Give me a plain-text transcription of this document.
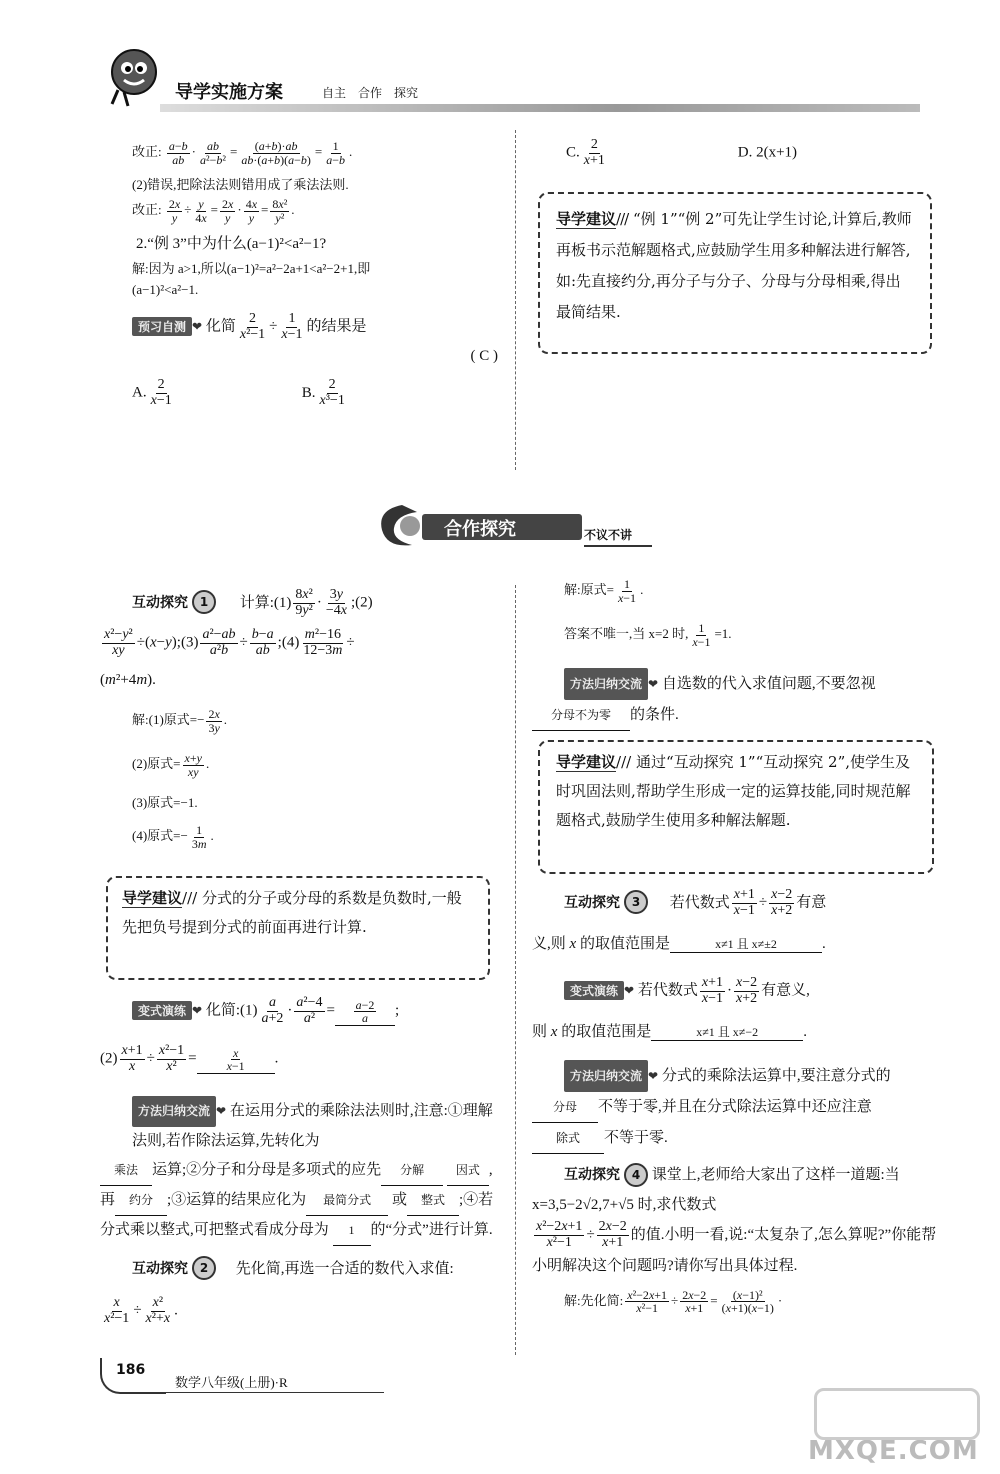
导学实施方案	自主　合作　探究
改正: $\frac{a-b}{ab} \cdot \frac{ab}{\text{a²−b²}} = \frac{(a+b)\cdot ab}{ab\cdot(a+b)(a-b)} = \frac{1}{a-b}$ .
(2)错误,把除法法则错用成了乘法法则.
改正: $\frac{2x}{y} \div \frac{y}{4x} = \frac{2x}{y} \cdot \frac{4x}{y} = \frac{\text{8x²}}{\text{y²}}$ .
2.“例 3”中为什么(a−1)²<a²−1?
解:因为 a>1,所以(a−1)²=a²−2a+1<a²−2+1,即
(a−1)²<a²−1.
预习自测 ❤ 化简 $\frac{2}{\text{x²−1}} \div \frac{1}{x-1}$ 的结果是
( C )
A. $\frac{2}{x-1}$	B. $\frac{2}{\text{x³−1}}$
C. $\frac{2}{x+1}$	D. 2(x+1)
导学建议/// “例 1”“例 2”可先让学生讨论,计算后,教师再板书示范解题格式,应鼓励学生用多种解法进行解答,如:先直接约分,再分子与分子、分母与分母相乘,得出最简结果.
合作探究	不议不讲
互动探究 1	计算:(1) $\frac{\text{8x²}}{\text{9y²}} \cdot \frac{3y}{-4x}$ ;(2)
$\frac{\text{x²−y²}}{xy}$ ÷(x−y);(3) $\frac{\text{a²−ab}}{\text{a²b}} \div \frac{b-a}{ab}$ ;(4) $\frac{\text{m²−16}}{12-3m}$ ÷
(m²+4m).
解:(1)原式=− $\frac{2x}{3y}$ .
(2)原式= $\frac{x+y}{xy}$ .
(3)原式=−1.
(4)原式=− $\frac{1}{3m}$ .
导学建议/// 分式的分子或分母的系数是负数时,一般先把负号提到分式的前面再进行计算.
变式演练 ❤ 化简:(1) $\frac{a}{a+2} \cdot \frac{\text{a²−4}}{\text{a²}} = \frac{a-2}{a}$ ;
$(2) \frac{x+1}{x} \div \frac{\text{x²−1}}{\text{x²}} = \frac{x}{x-1}$ .
方法归纳交流 ❤ 在运用分式的乘除法法则时,注意:①理解法则,若作除法运算,先转化为
乘法 运算;②分子和分母是多项式的应先 分解	因式 ,再 约分 ;③运算的结果应化为 最简分式 或 整式 ;④若分式乘以整式,可把整式看成分母为 1 的“分式”进行计算.
互动探究 2	先化简,再选一合适的数代入求值:
$\frac{x}{\text{x²−1}} \div \frac{\text{x²}}{\text{x²+x}}$ .
解:原式= $\frac{1}{x-1}$ .
答案不唯一,当 x=2 时, $\frac{1}{x-1} =1$.
方法归纳交流 ❤ 自选数的代入求值问题,不要忽视
分母不为零 的条件.
导学建议/// 通过“互动探究 1”“互动探究 2”,使学生及时巩固法则,帮助学生形成一定的运算技能,同时规范解题格式,鼓励学生使用多种解法解题.
互动探究 3	若代数式 $\frac{x+1}{x-1} \div \frac{x-2}{x+2}$ 有意
义,则 x 的取值范围是	x≠1 且 x≠±2	.
变式演练 ❤ 若代数式 $\frac{x+1}{x-1} \cdot \frac{x-2}{x+2}$ 有意义,
则 x 的取值范围是	x≠1 且 x≠−2	.
方法归纳交流 ❤ 分式的乘除法运算中,要注意分式的分母 不等于零,并且在分式除法运算中还应注意除式 不等于零.
互动探究 4 课堂上,老师给大家出了这样一道题:当 x=3,5−2√2,7+√5 时,求代数式
$\frac{\text{x²−2x+1}}{\text{x²−1}} \div \frac{2x-2}{x+1}$ 的值.小明一看,说:“太复杂了,怎么算呢?”你能帮小明解决这个问题吗?请你写出具体过程.
解:先化简: $\frac{\text{x²−2x+1}}{\text{x²−1}} \div \frac{2x-2}{x+1} = \frac{\text{(x−1)²}}{(x+1)(x-1)}$ ·
186
数学八年级(上册)·R
MXQE.COM
